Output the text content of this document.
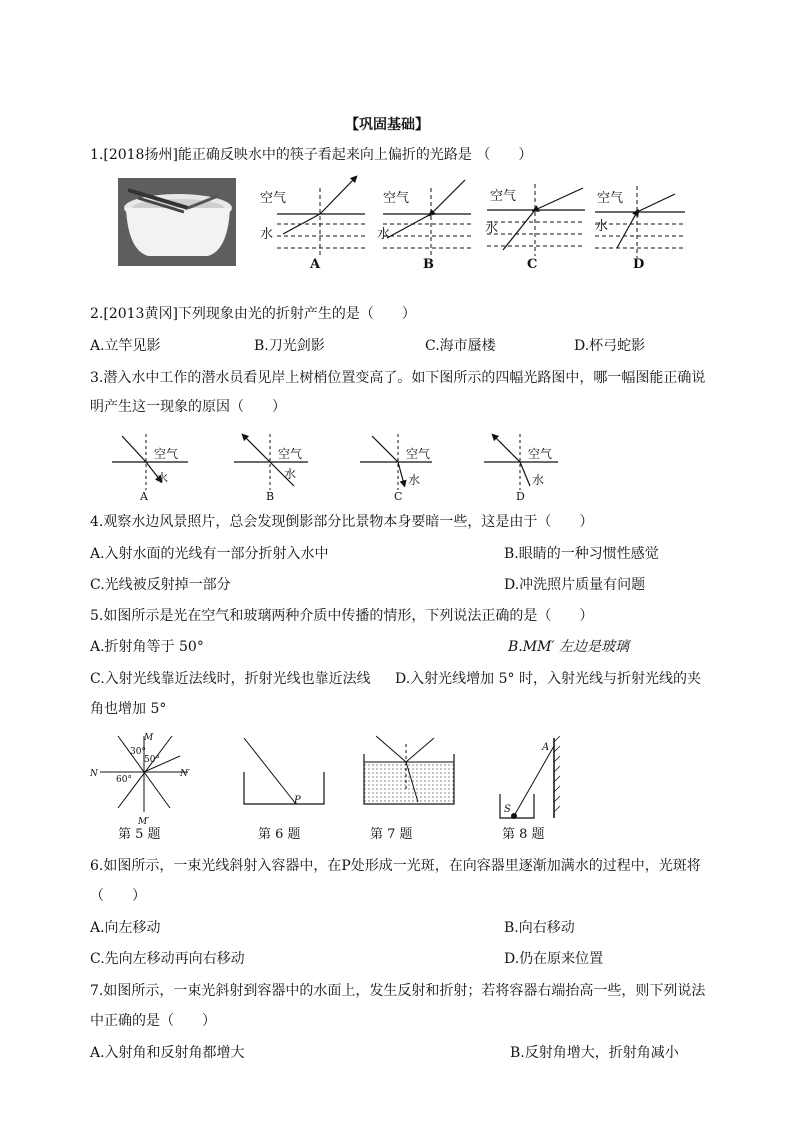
【巩固基础】
1.[2018扬州]能正确反映水中的筷子看起来向上偏折的光路是 （　　）
空气
水
A
空气
水
B
空气
水
C
空气
水
D
2.[2013黄冈]下列现象由光的折射产生的是（　　）
A.立竿见影	B.刀光剑影	C.海市蜃楼	D.杯弓蛇影
3.潜入水中工作的潜水员看见岸上树梢位置变高了。如下图所示的四幅光路图中，哪一幅图能正确说
明产生这一现象的原因（　　）
空气
水
A
空气
水
B
空气
水
C
空气
水
D
4.观察水边风景照片，总会发现倒影部分比景物本身要暗一些，这是由于（　　）
A.入射水面的光线有一部分折射入水中	B.眼睛的一种习惯性感觉
C.光线被反射掉一部分	D.冲洗照片质量有问题
5.如图所示是光在空气和玻璃两种介质中传播的情形，下列说法正确的是（　　）
A.折射角等于 50°	B.MM′ 左边是玻璃
C.入射光线靠近法线时，折射光线也靠近法线 D.入射光线增加 5° 时，入射光线与折射光线的夹
角也增加 5°
M
M′
N	N′
30°
50°
60°
第 5 题
P
第 6 题	第 7 题
A
S
第 8 题
6.如图所示，一束光线斜射入容器中，在P处形成一光斑，在向容器里逐渐加满水的过程中，光斑将
（　　）
A.向左移动	B.向右移动
C.先向左移动再向右移动	D.仍在原来位置
7.如图所示，一束光斜射到容器中的水面上，发生反射和折射；若将容器右端抬高一些，则下列说法
中正确的是（　　）
A.入射角和反射角都增大	B.反射角增大，折射角减小
